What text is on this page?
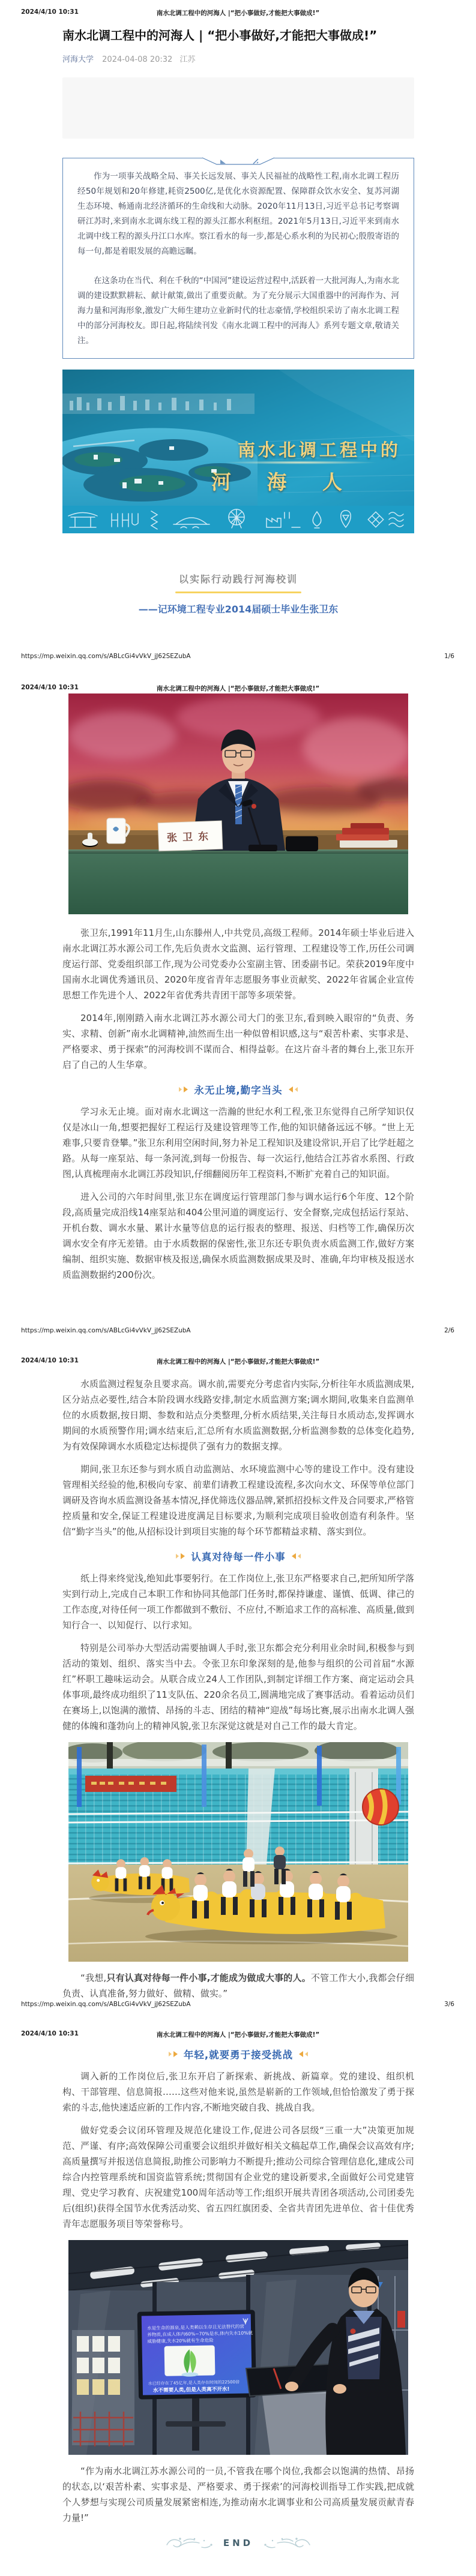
2024/4/10 10:31	南水北调工程中的河海人 |“把小事做好,才能把大事做成!”
南水北调工程中的河海人 | “把小事做好,才能把大事做成!”
河海大学 2024-04-08 20:32 江苏

作为一项事关战略全局、事关长远发展、事关人民福祉的战略性工程,南水北调工程历经50年规划和20年修建,耗资2500亿,是优化水资源配置、保障群众饮水安全、复苏河湖生态环境、畅通南北经济循环的生命线和大动脉。2020年11月13日,习近平总书记考察调研江苏时,来到南水北调东线工程的源头江都水利枢纽。2021年5月13日,习近平来到南水北调中线工程的源头丹江口水库。察江看水的每一步,都是心系水利的为民初心;殷殷寄语的每一句,都是着眼发展的高瞻远瞩。

在这条功在当代、利在千秋的“中国河”建设运营过程中,活跃着一大批河海人,为南水北调的建设默默耕耘、献计献策,做出了重要贡献。为了充分展示大国重器中的河海作为、河海力量和河海形象,激发广大师生建功立业新时代的壮志豪情,学校组织采访了南水北调工程中的部分河海校友。即日起,将陆续刊发《南水北调工程中的河海人》系列专题文章,敬请关注。

南水北调工程中的
河 海 人
以实际行动践行河海校训
——记环境工程专业2014届硕士毕业生张卫东
https://mp.weixin.qq.com/s/ABLcGi4vVkV_jJ62SEZubA	1/6
2024/4/10 10:31	南水北调工程中的河海人 |“把小事做好,才能把大事做成!”
张卫东

张卫东,1991年11月生,山东滕州人,中共党员,高级工程师。2014年硕士毕业后进入南水北调江苏水源公司工作,先后负责水文监测、运行管理、工程建设等工作,历任公司调度运行部、党委组织部工作,现为公司党委办公室副主管、团委副书记。荣获2019年度中国南水北调优秀通讯员、2020年度省青年志愿服务事业贡献奖、2022年省属企业宣传思想工作先进个人、2022年省优秀共青团干部等多项荣誉。

2014年,刚刚踏入南水北调江苏水源公司大门的张卫东,看到映入眼帘的“负责、务实、求精、创新”南水北调精神,油然而生出一种似曾相识感,这与“艰苦朴素、实事求是、严格要求、勇于探索”的河海校训不谋而合、相得益彰。在这片奋斗者的舞台上,张卫东开启了自己的人生华章。

永无止境,勤字当头

学习永无止境。面对南水北调这一浩瀚的世纪水利工程,张卫东觉得自己所学知识仅仅是冰山一角,想要把握好工程运行及建设管理等工作,他的知识储备远远不够。“世上无难事,只要肯登攀。”张卫东利用空闲时间,努力补足工程知识及建设常识,开启了比学赶超之路。从每一座泵站、每一条河流,到每一份报告、每一次运行,他结合江苏省水系图、行政图,认真梳理南水北调江苏段知识,仔细翻阅历年工程资料,不断扩充着自己的知识面。

进入公司的六年时间里,张卫东在调度运行管理部门参与调水运行6个年度、12个阶段,高质量完成沿线14座泵站和404公里河道的调度运行、安全督察,完成包括运行泵站、开机台数、调水水量、累计水量等信息的运行报表的整理、报送、归档等工作,确保历次调水安全有序无差错。由于水质数据的保密性,张卫东还专职负责水质监测工作,做好方案编制、组织实施、数据审核及报送,确保水质监测数据成果及时、准确,年均审核及报送水质监测数据约200份次。

https://mp.weixin.qq.com/s/ABLcGi4vVkV_jJ62SEZubA	2/6
2024/4/10 10:31	南水北调工程中的河海人 |“把小事做好,才能把大事做成!”

水质监测过程复杂且要求高。调水前,需要充分考虑省内实际,分析往年水质监测成果,区分站点必要性,结合本阶段调水线路安排,制定水质监测方案;调水期间,收集来自监测单位的水质数据,按日期、参数和站点分类整理,分析水质结果,关注每日水质动态,发挥调水期间的水质预警作用;调水结束后,汇总所有水质监测数据,分析监测参数的总体变化趋势,为有效保障调水水质稳定达标提供了强有力的数据支撑。

期间,张卫东还参与到水质自动监测站、水环境监测中心等的建设工作中。没有建设管理相关经验的他,积极向专家、前辈们请教工程建设流程,多次向水文、环保等单位部门调研及咨询水质监测设备基本情况,择优筛选仪器品牌,紧抓招投标文件及合同要求,严格管控质量和安全,保证工程建设进度满足目标要求,为顺利完成项目验收创造有利条件。坚信“勤字当头”的他,从招标设计到项目实施的每个环节都精益求精、落实到位。

认真对待每一件小事

纸上得来终觉浅,绝知此事要躬行。在工作岗位上,张卫东严格要求自己,把所知所学落实到行动上,完成自己本职工作和协同其他部门任务时,都保持谦虚、谨慎、低调、律己的工作态度,对待任何一项工作都做到不敷衍、不应付,不断追求工作的高标准、高质量,做到知行合一、以知促行、以行求知。

特别是公司举办大型活动需要抽调人手时,张卫东都会充分利用业余时间,积极参与到活动的策划、组织、落实当中去。令张卫东印象深刻的是,他参与组织的公司首届“水源红”杯职工趣味运动会。从联合成立24人工作团队,到制定详细工作方案、商定运动会具体事项,最终成功组织了11支队伍、220余名员工,圆满地完成了赛事活动。看着运动员们在赛场上,以饱满的激情、昂扬的斗志、团结的精神“迎战”每场比赛,展示出南水北调人强健的体魄和蓬勃向上的精神风貌,张卫东深觉这就是对自己工作的最大肯定。

“我想,只有认真对待每一件小事,才能成为做成大事的人。不管工作大小,我都会仔细负责、认真准备,努力做好、做精、做实。”

https://mp.weixin.qq.com/s/ABLcGi4vVkV_jJ62SEZubA	3/6
2024/4/10 10:31	南水北调工程中的河海人 |“把小事做好,才能把大事做成!”
年轻,就要勇于接受挑战

调入新的工作岗位后,张卫东开启了新探索、新挑战、新篇章。党的建设、组织机构、干部管理、信息简报……这些对他来说,虽然是崭新的工作领域,但恰恰激发了勇于探索的斗志,他快速适应新的工作内容,不断地突破自我、挑战自我。

做好党委会议闭环管理及规范化建设工作,促进公司各层级“三重一大”决策更加规范、严谨、有序;高效保障公司重要会议组织并做好相关文稿起草工作,确保会议高效有序;高质量撰写并报送信息简报,助推公司影响力不断提升;推动公司综合管理信息化,建成公司综合内控管理系统和国资监管系统;贯彻国有企业党的建设新要求,全面做好公司党建管理、党史学习教育、庆祝建党100周年活动等工作;组织开展共青团各项活动,公司团委先后(组织)获得全国节水优秀活动奖、省五四红旗团委、全省共青团先进单位、省十佳优秀青年志愿服务项目等荣誉称号。

水是生命的源泉,是人类赖以生存且无法替代的营
养物质,在成人体内60%~70%是水,体内失水10%就
威胁健康,失水20%就有生命危险
水已经存在了45亿年,是人类存在时间的22500倍
水不需要人类,但是人类离不开水!

“作为南水北调江苏水源公司的一员,不管我在哪个岗位,我都会以饱满的热情、昂扬的状态,以‘艰苦朴素、实事求是、严格要求、勇于探索’的河海校训指导工作实践,把成就个人梦想与实现公司质量发展紧密相连,为推动南水北调事业和公司高质量发展贡献青春力量!”

END
